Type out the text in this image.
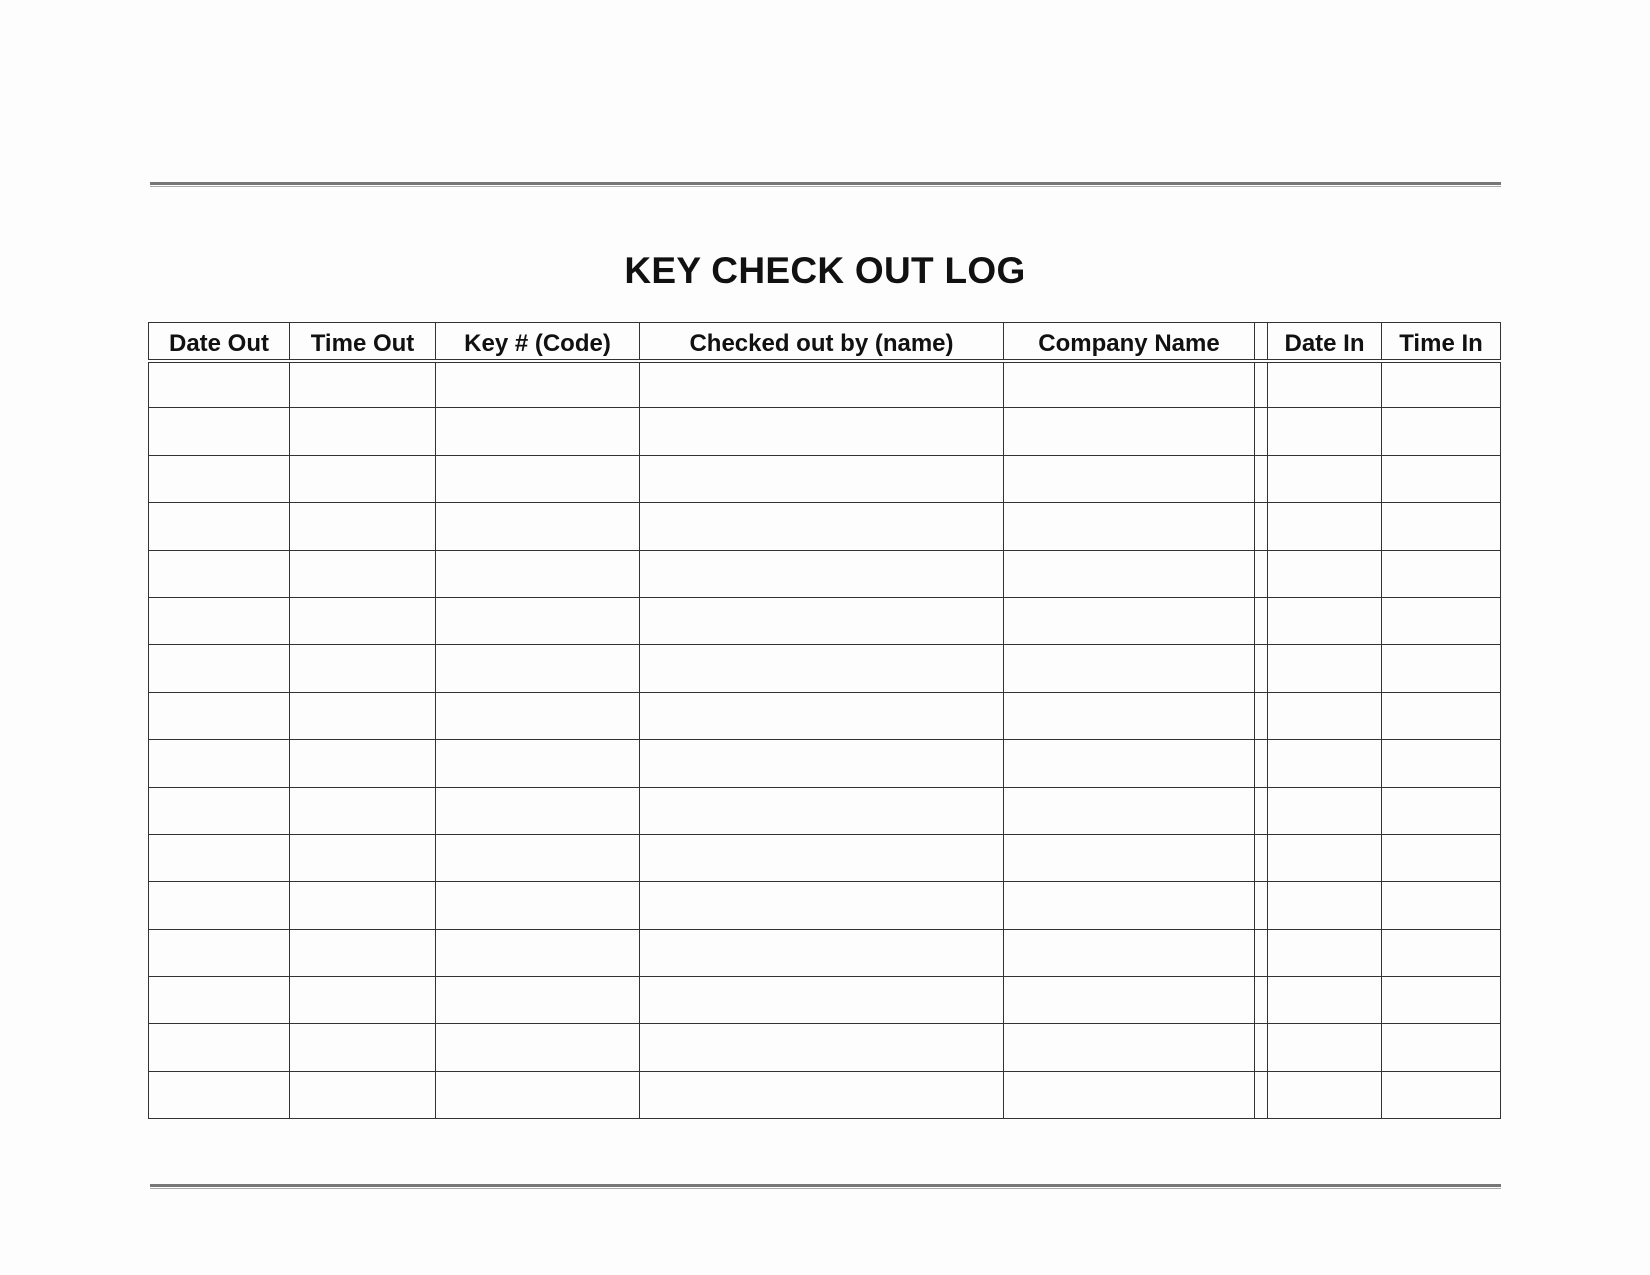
KEY CHECK OUT LOG
Date Out	Time Out	Key # (Code)	Checked out by (name)	Company Name		Date In	Time In
